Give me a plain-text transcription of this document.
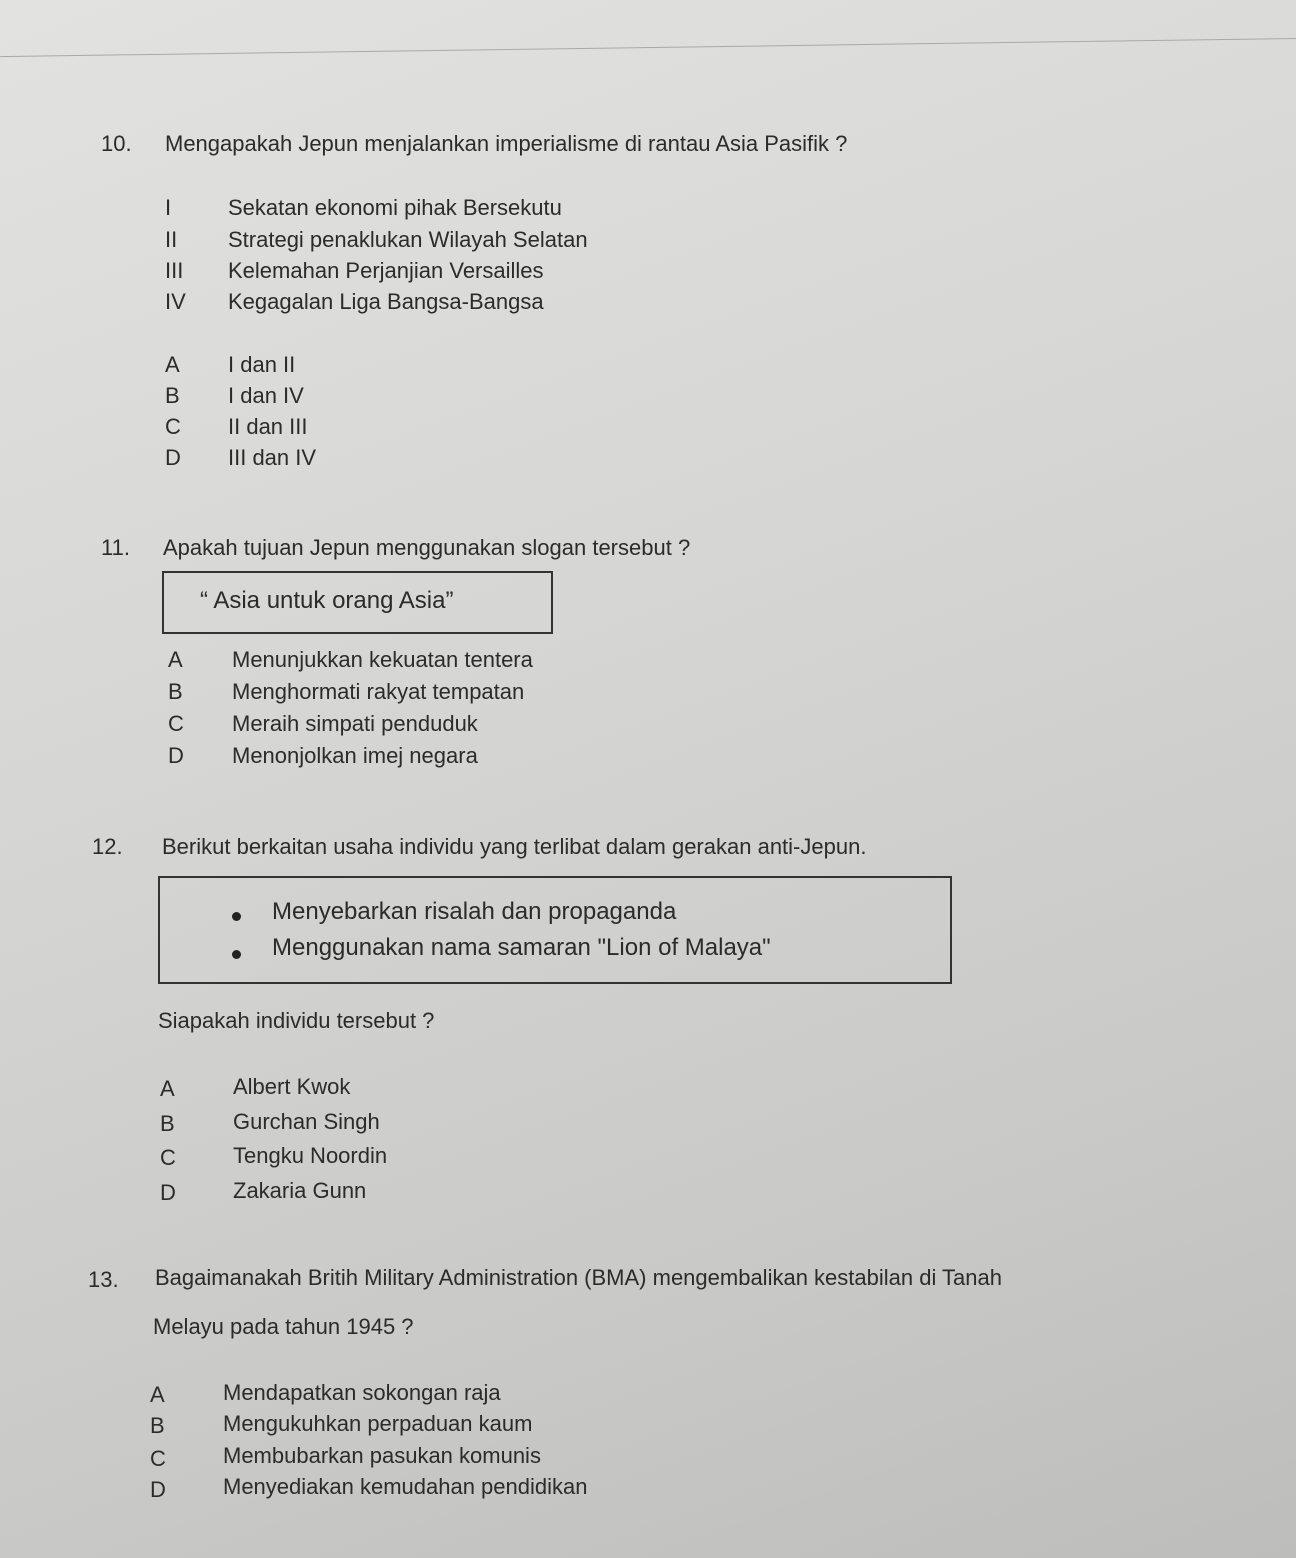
10. Mengapakah Jepun menjalankan imperialisme di rantau Asia Pasifik ?
I	Sekatan ekonomi pihak Bersekutu
II Strategi penaklukan Wilayah Selatan
III Kelemahan Perjanjian Versailles
IV Kegagalan Liga Bangsa-Bangsa
A I dan II
B I dan IV
C II dan III
D III dan IV
11. Apakah tujuan Jepun menggunakan slogan tersebut ?
“ Asia untuk orang Asia”
A Menunjukkan kekuatan tentera
B Menghormati rakyat tempatan
C Meraih simpati penduduk
D Menonjolkan imej negara
12. Berikut berkaitan usaha individu yang terlibat dalam gerakan anti-Jepun.
Menyebarkan risalah dan propaganda
Menggunakan nama samaran "Lion of Malaya"
Siapakah individu tersebut ?
A	Albert Kwok
B	Gurchan Singh
C	Tengku Noordin
D	Zakaria Gunn
13. Bagaimanakah Britih Military Administration (BMA) mengembalikan kestabilan di Tanah
Melayu pada tahun 1945 ?
A	Mendapatkan sokongan raja
B	Mengukuhkan perpaduan kaum
C	Membubarkan pasukan komunis
D	Menyediakan kemudahan pendidikan
